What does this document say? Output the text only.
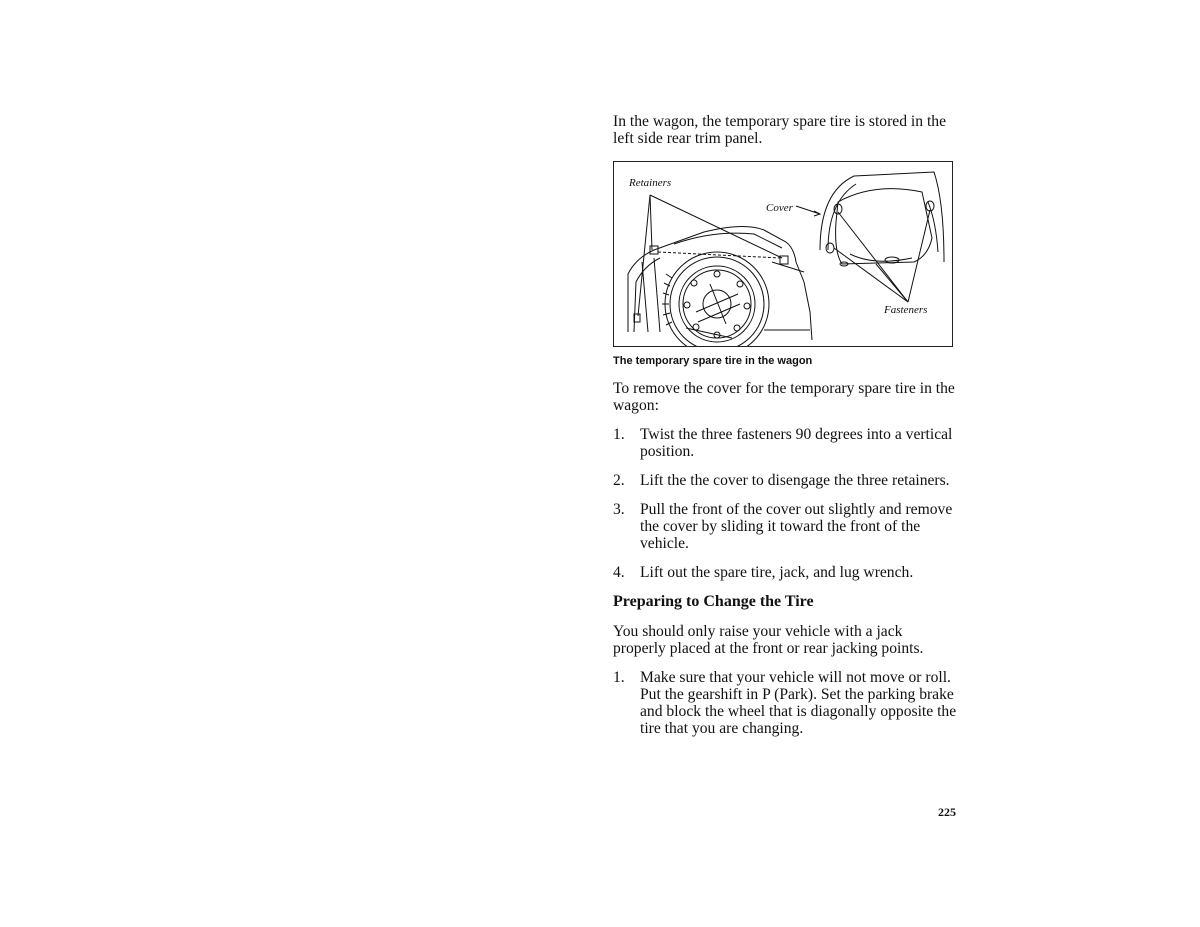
In the wagon, the temporary spare tire is stored in the left side rear trim panel.

Retainers
Cover
Fasteners
The temporary spare tire in the wagon

To remove the cover for the temporary spare tire in the wagon:

1. Twist the three fasteners 90 degrees into a vertical position.
2. Lift the the cover to disengage the three retainers.
3. Pull the front of the cover out slightly and remove the cover by sliding it toward the front of the vehicle.
4. Lift out the spare tire, jack, and lug wrench.
Preparing to Change the Tire

You should only raise your vehicle with a jack properly placed at the front or rear jacking points.

1. Make sure that your vehicle will not move or roll. Put the gearshift in P (Park). Set the parking brake and block the wheel that is diagonally opposite the tire that you are changing.
225
